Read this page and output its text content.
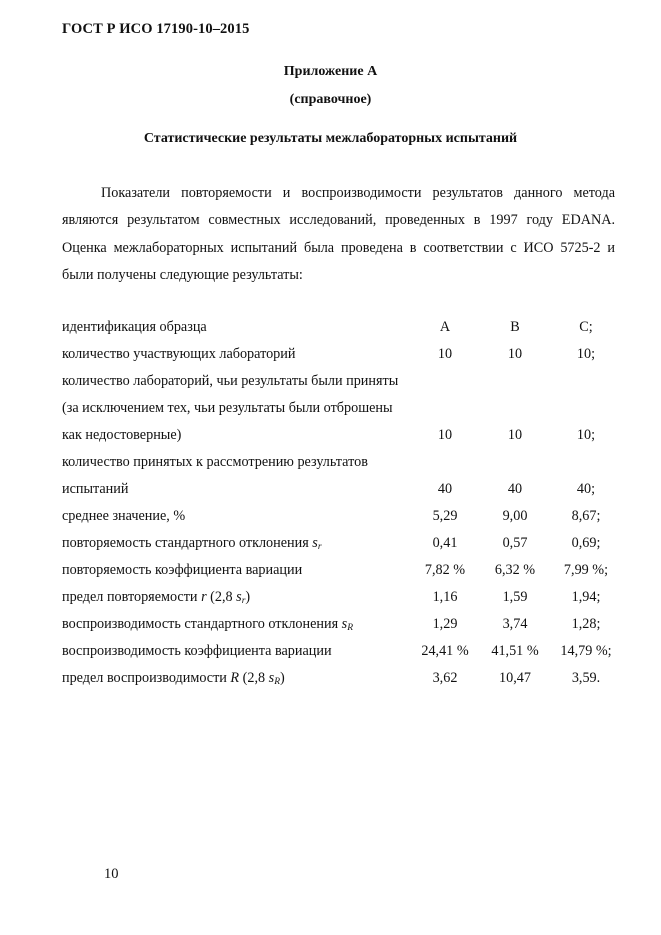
ГОСТ Р ИСО 17190-10–2015
Приложение А
(справочное)
Статистические результаты межлабораторных испытаний

Показатели повторяемости и воспроизводимости результатов данного метода являются результатом совместных исследований, проведенных в 1997 году EDANA. Оценка межлабораторных испытаний была проведена в соответствии с ИСО 5725-2 и были получены следующие результаты:

идентификация образца	A	B	C;
количество участвующих лабораторий	10	10	10;
количество лабораторий, чьи результаты были приняты (за исключением тех, чьи результаты были отброшены как недостоверные)	10	10	10;
количество принятых к рассмотрению результатов испытаний	40	40	40;
среднее значение, %	5,29	9,00	8,67;
повторяемость стандартного отклонения $s_r$	0,41	0,57	0,69;
повторяемость коэффициента вариации	7,82 %	6,32 %	7,99 %;
предел повторяемости r (2,8 $s_r$)	1,16	1,59	1,94;
воспроизводимость стандартного отклонения $s_R$	1,29	3,74	1,28;
воспроизводимость коэффициента вариации	24,41 %	41,51 %	14,79 %;
предел воспроизводимости R (2,8 $s_R$)	3,62	10,47	3,59.
10
